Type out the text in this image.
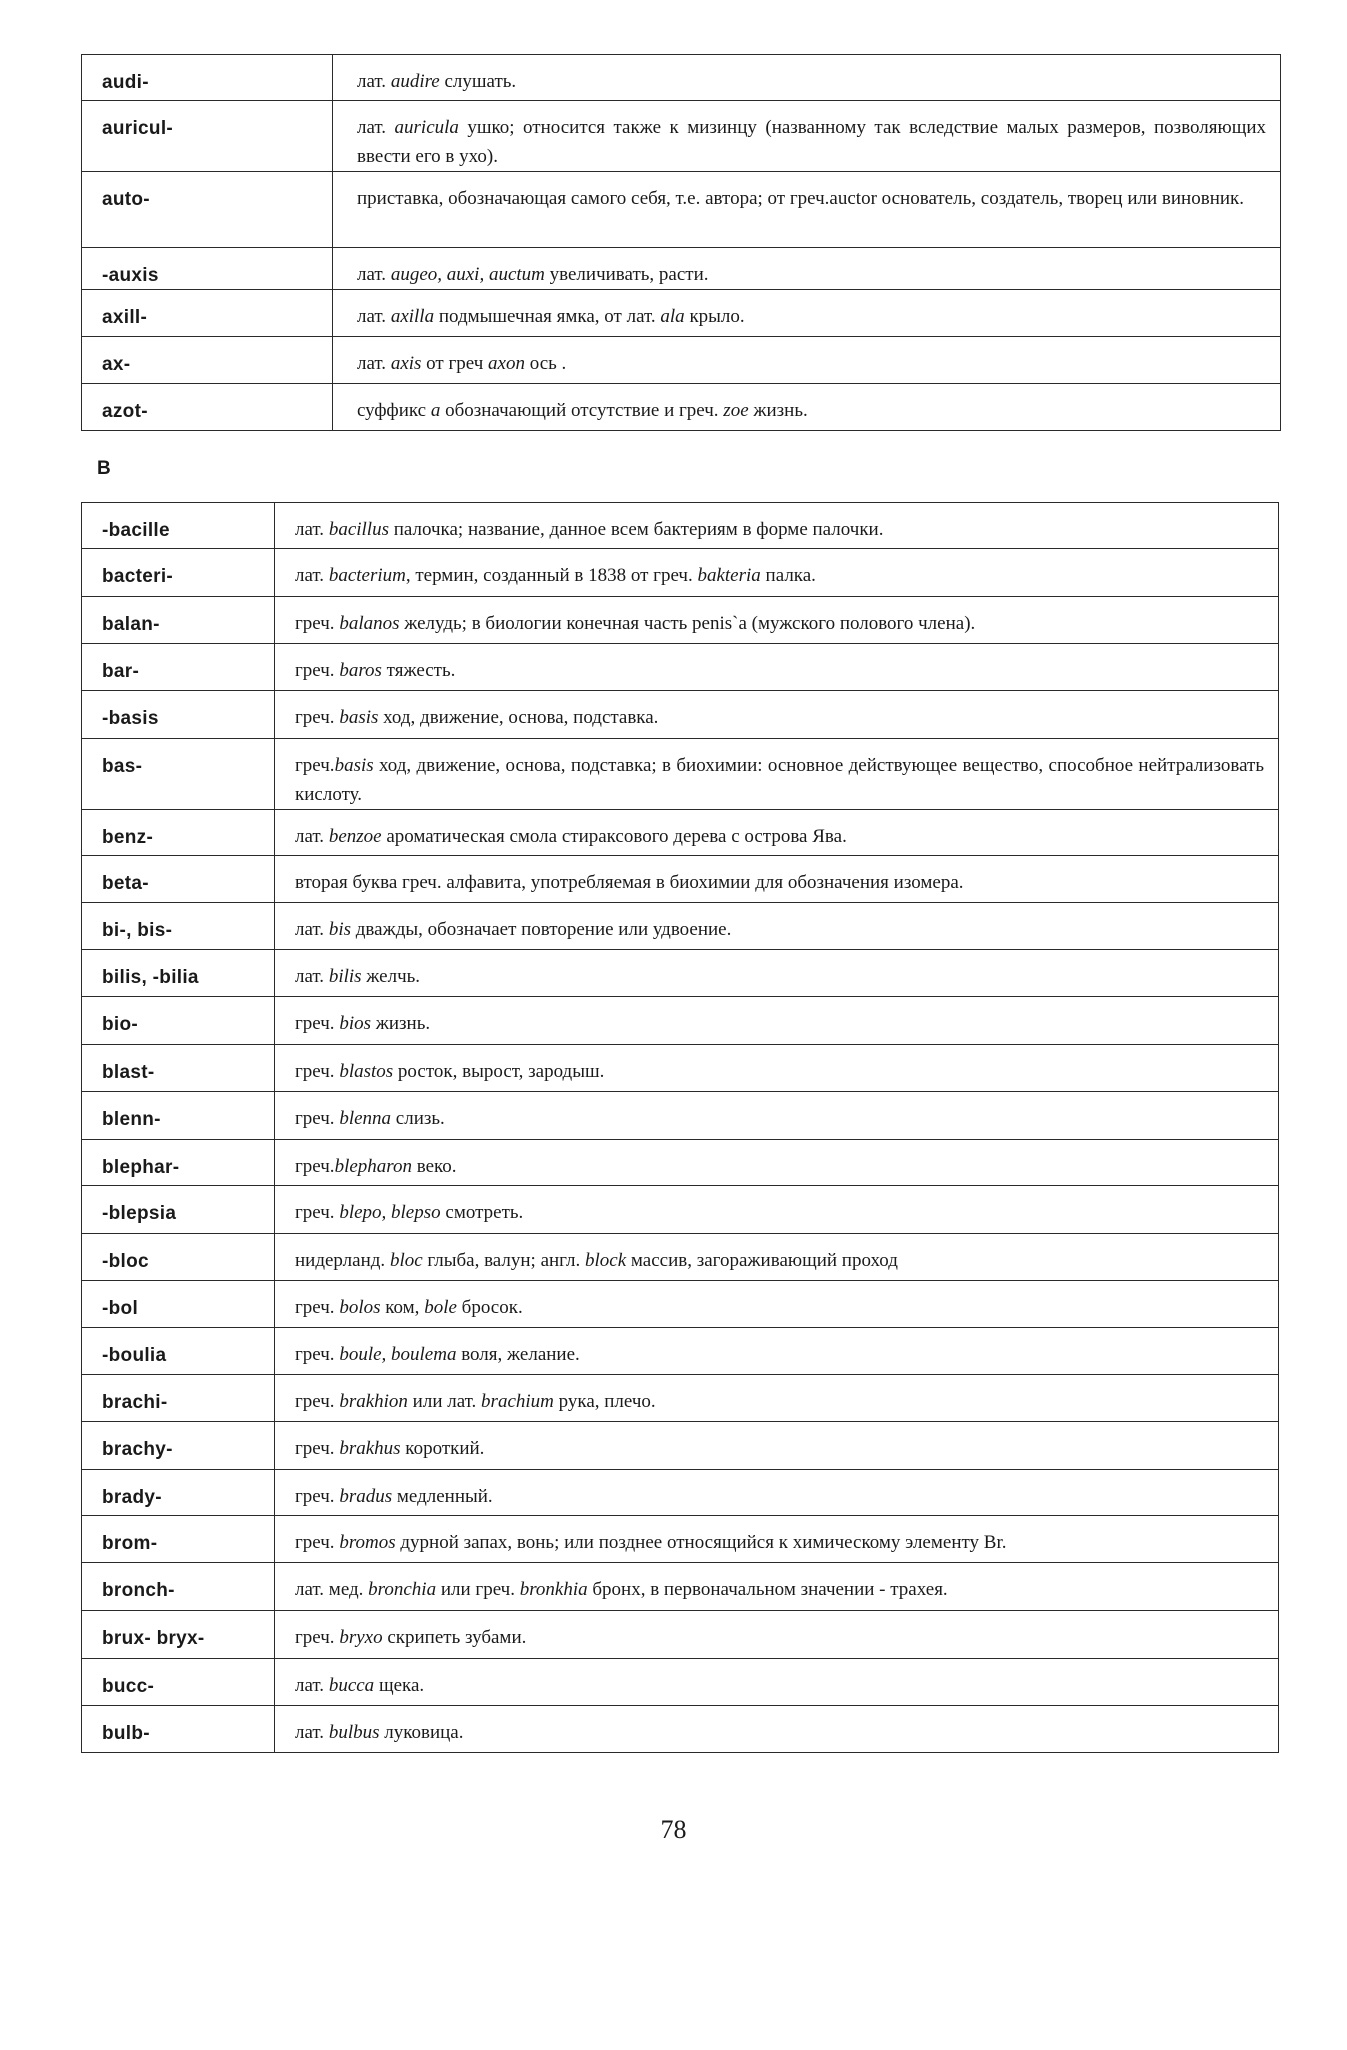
audi-	лат. audire слушать.
auricul-	лат. auricula ушко; относится также к мизинцу (названному так вследствие малых размеров, позволяющих ввести его в ухо).
auto-	приставка, обозначающая самого себя, т.е. автора; от греч.auctor основатель, создатель, творец или виновник.
-auxis	лат. augeo, auxi, auctum увеличивать, расти.
axill-	лат. axilla подмышечная ямка, от лат. ala крыло.
ax-	лат. axis от греч axon ось .
azot-	суффикс a обозначающий отсутствие и греч. zoe жизнь.
B
-bacille	лат. bacillus палочка; название, данное всем бактериям в форме палочки.
bacteri-	лат. bacterium, термин, созданный в 1838 от греч. bakteria палка.
balan-	греч. balanos желудь; в биологии конечная часть penis`a (мужского полового члена).
bar-	греч. baros тяжесть.
-basis	греч. basis ход, движение, основа, подставка.
bas-	греч.basis ход, движение, основа, подставка; в биохимии: основное действующее вещество, способное нейтрализовать кислоту.
benz-	лат. benzoe ароматическая смола стираксового дерева с острова Ява.
beta-	вторая буква греч. алфавита, употребляемая в биохимии для обозначения изомера.
bi-, bis-	лат. bis дважды, обозначает повторение или удвоение.
bilis, -bilia	лат. bilis желчь.
bio-	греч. bios жизнь.
blast-	греч. blastos росток, вырост, зародыш.
blenn-	греч. blenna слизь.
blephar-	греч.blepharon веко.
-blepsia	греч. blepo, blepso смотреть.
-bloc	нидерланд. bloc глыба, валун; англ. block массив, загораживающий проход
-bol	греч. bolos ком, bole бросок.
-boulia	греч. boule, boulema воля, желание.
brachi-	греч. brakhion или лат. brachium рука, плечо.
brachy-	греч. brakhus короткий.
brady-	греч. bradus медленный.
brom-	греч. bromos дурной запах, вонь; или позднее относящийся к химическому элементу Br.
bronch-	лат. мед. bronchia или греч. bronkhia бронх, в первоначальном значении - трахея.
brux- bryx-	греч. bryxo скрипеть зубами.
bucc-	лат. bucca щека.
bulb-	лат. bulbus луковица.
78
